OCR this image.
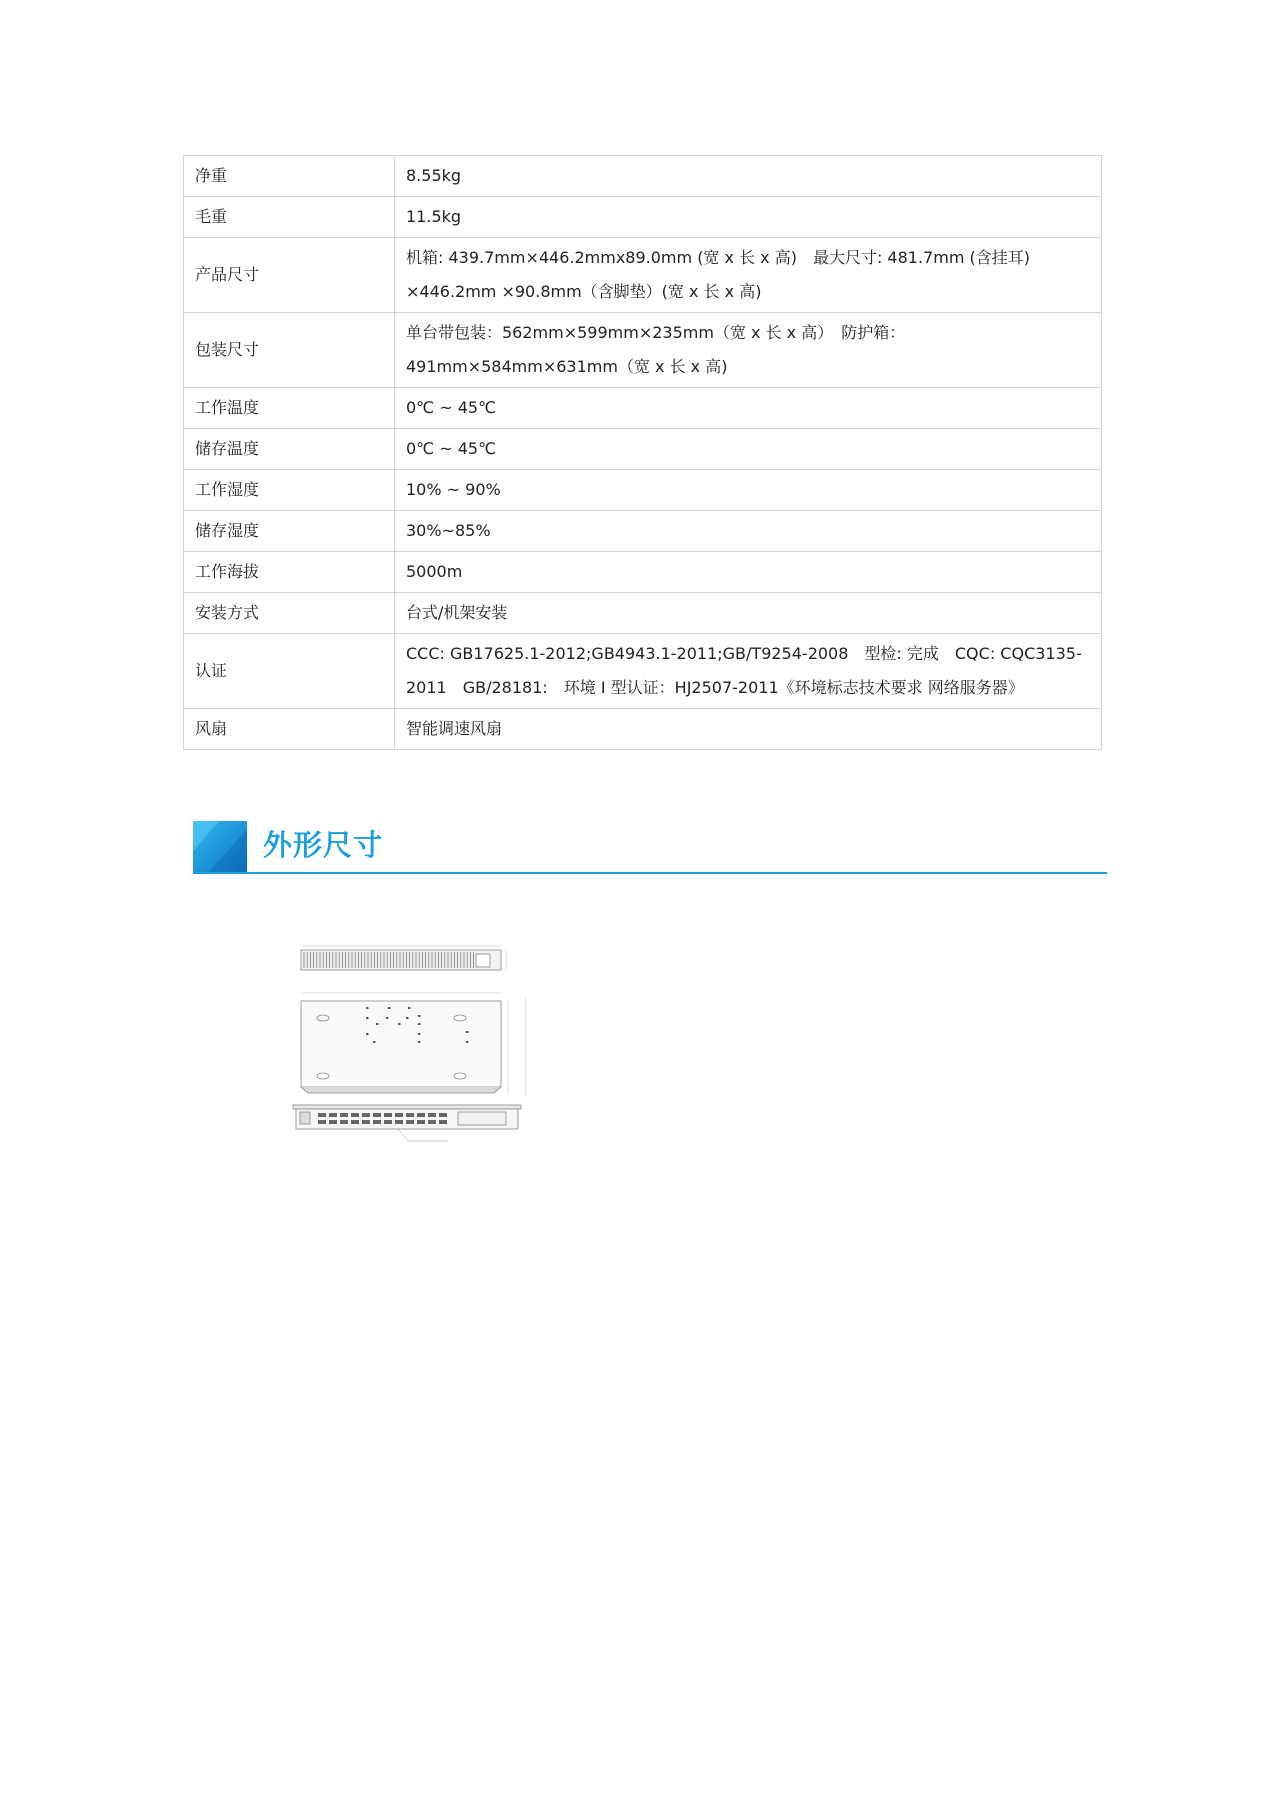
净重	8.55kg
毛重	11.5kg
产品尺寸	机箱: 439.7mm×446.2mmx89.0mm (宽 x 长 x 高)　最大尺寸: 481.7mm (含挂耳) ×446.2mm ×90.8mm（含脚垫）(宽 x 长 x 高)
包装尺寸	单台带包装：562mm×599mm×235mm（宽 x 长 x 高）　防护箱：491mm×584mm×631mm（宽 x 长 x 高)
工作温度	0℃ ~ 45℃
储存温度	0℃ ~ 45℃
工作湿度	10% ~ 90%
储存湿度	30%~85%
工作海拔	5000m
安装方式	台式/机架安装
认证	CCC: GB17625.1-2012;GB4943.1-2011;GB/T9254-2008　型检: 完成　CQC: CQC3135-2011　GB/28181:　环境 I 型认证：HJ2507-2011《环境标志技术要求 网络服务器》
风扇	智能调速风扇
外形尺寸
